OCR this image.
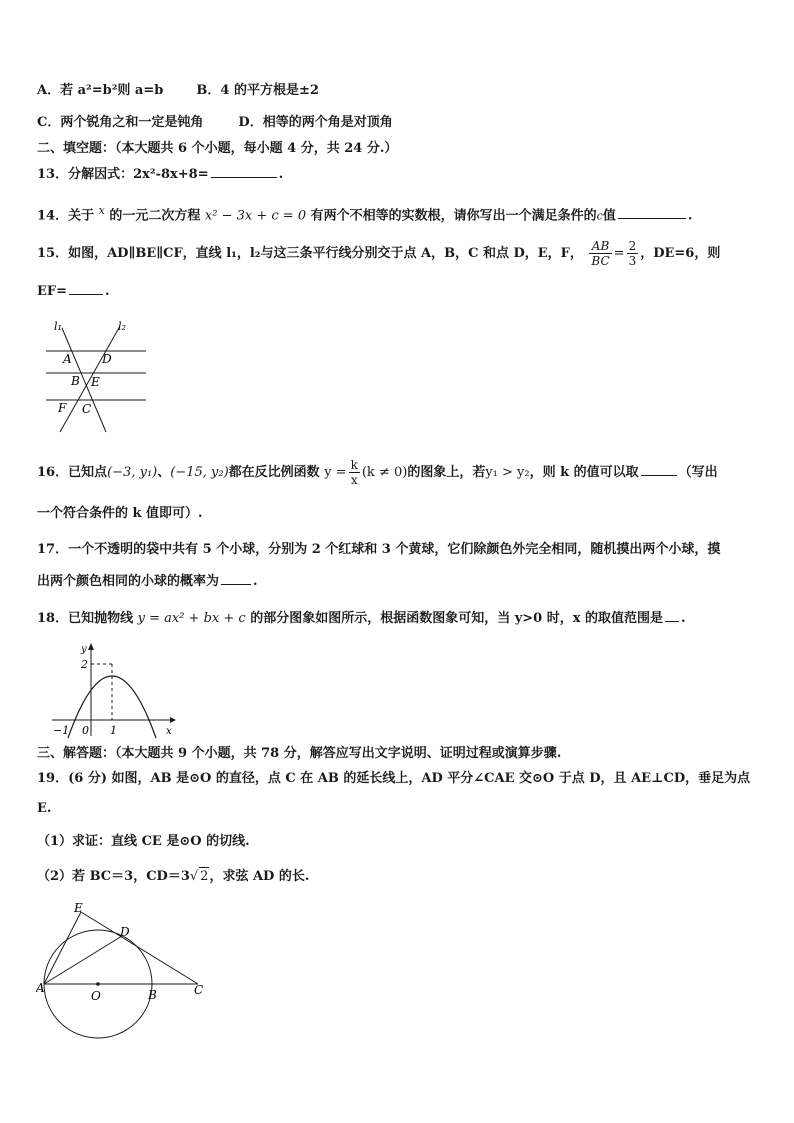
A．若 a²=b²则 a=b	B．4 的平方根是±2
C．两个锐角之和一定是钝角	D．相等的两个角是对顶角
二、填空题：（本大题共 6 个小题，每小题 4 分，共 24 分.）
13．分解因式：2x²-8x+8=	.
14．关于 $^x$ 的一元二次方程 x² − 3x + c = 0 有两个不相等的实数根，请你写出一个满足条件的c值	.
15．如图，AD∥BE∥CF，直线 l₁，l₂与这三条平行线分别交于点 A，B，C 和点 D，E，F， $\frac{AB}{BC} = \frac{2}{3}$ ，DE=6，则
EF=	.
l₁	l₂
A	D
B E
F C
16．已知点(−3, y₁)、(−15, y₂)都在反比例函数 $y = \frac{k}{x} (k \ne 0)$的图象上，若y₁ > y₂，则 k 的值可以取	（写出
一个符合条件的 k 值即可）.
17．一个不透明的袋中共有 5 个小球，分别为 2 个红球和 3 个黄球，它们除颜色外完全相同，随机摸出两个小球，摸
出两个颜色相同的小球的概率为	.
18．已知抛物线 y = ax² + bx + c 的部分图象如图所示，根据函数图象可知，当 y>0 时，x 的取值范围是 .
y
x
2
−1 0 1
三、解答题：（本大题共 9 个小题，共 78 分，解答应写出文字说明、证明过程或演算步骤.
19．(6 分) 如图，AB 是⊙O 的直径，点 C 在 AB 的延长线上，AD 平分∠CAE 交⊙O 于点 D，且 AE⊥CD，垂足为点
E.
（1）求证：直线 CE 是⊙O 的切线.
（2）若 BC＝3，CD＝3√ 2，求弦 AD 的长.
E
D
A
O	B	C
